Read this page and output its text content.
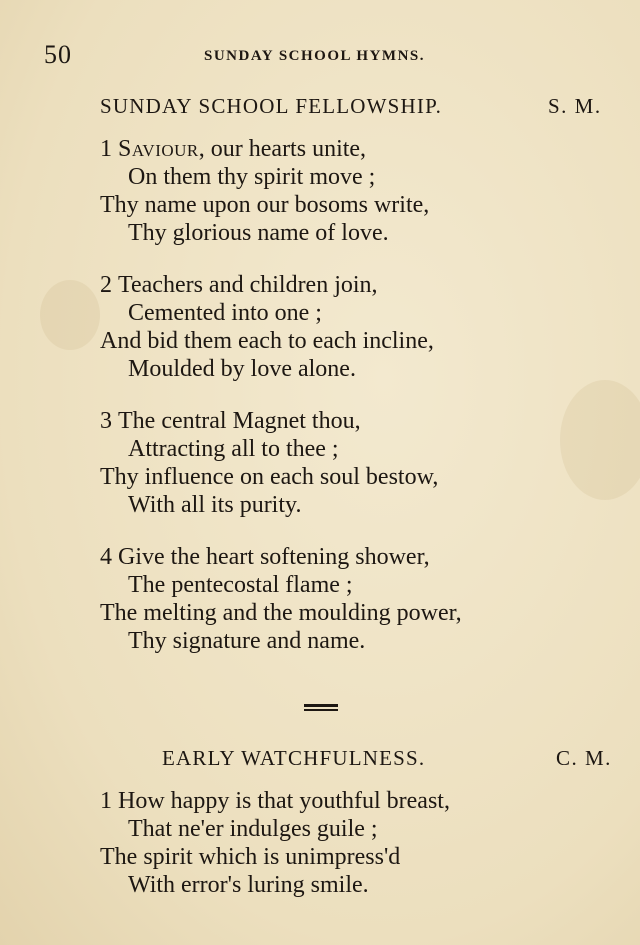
50	SUNDAY SCHOOL HYMNS.
SUNDAY SCHOOL FELLOWSHIP.	S. M.
1 Saviour, our hearts unite,
On them thy spirit move ;
Thy name upon our bosoms write,
Thy glorious name of love.
2 Teachers and children join,
Cemented into one ;
And bid them each to each incline,
Moulded by love alone.
3 The central Magnet thou,
Attracting all to thee ;
Thy influence on each soul bestow,
With all its purity.
4 Give the heart softening shower,
The pentecostal flame ;
The melting and the moulding power,
Thy signature and name.
EARLY WATCHFULNESS.	C. M.
1 How happy is that youthful breast,
That ne'er indulges guile ;
The spirit which is unimpress'd
With error's luring smile.
